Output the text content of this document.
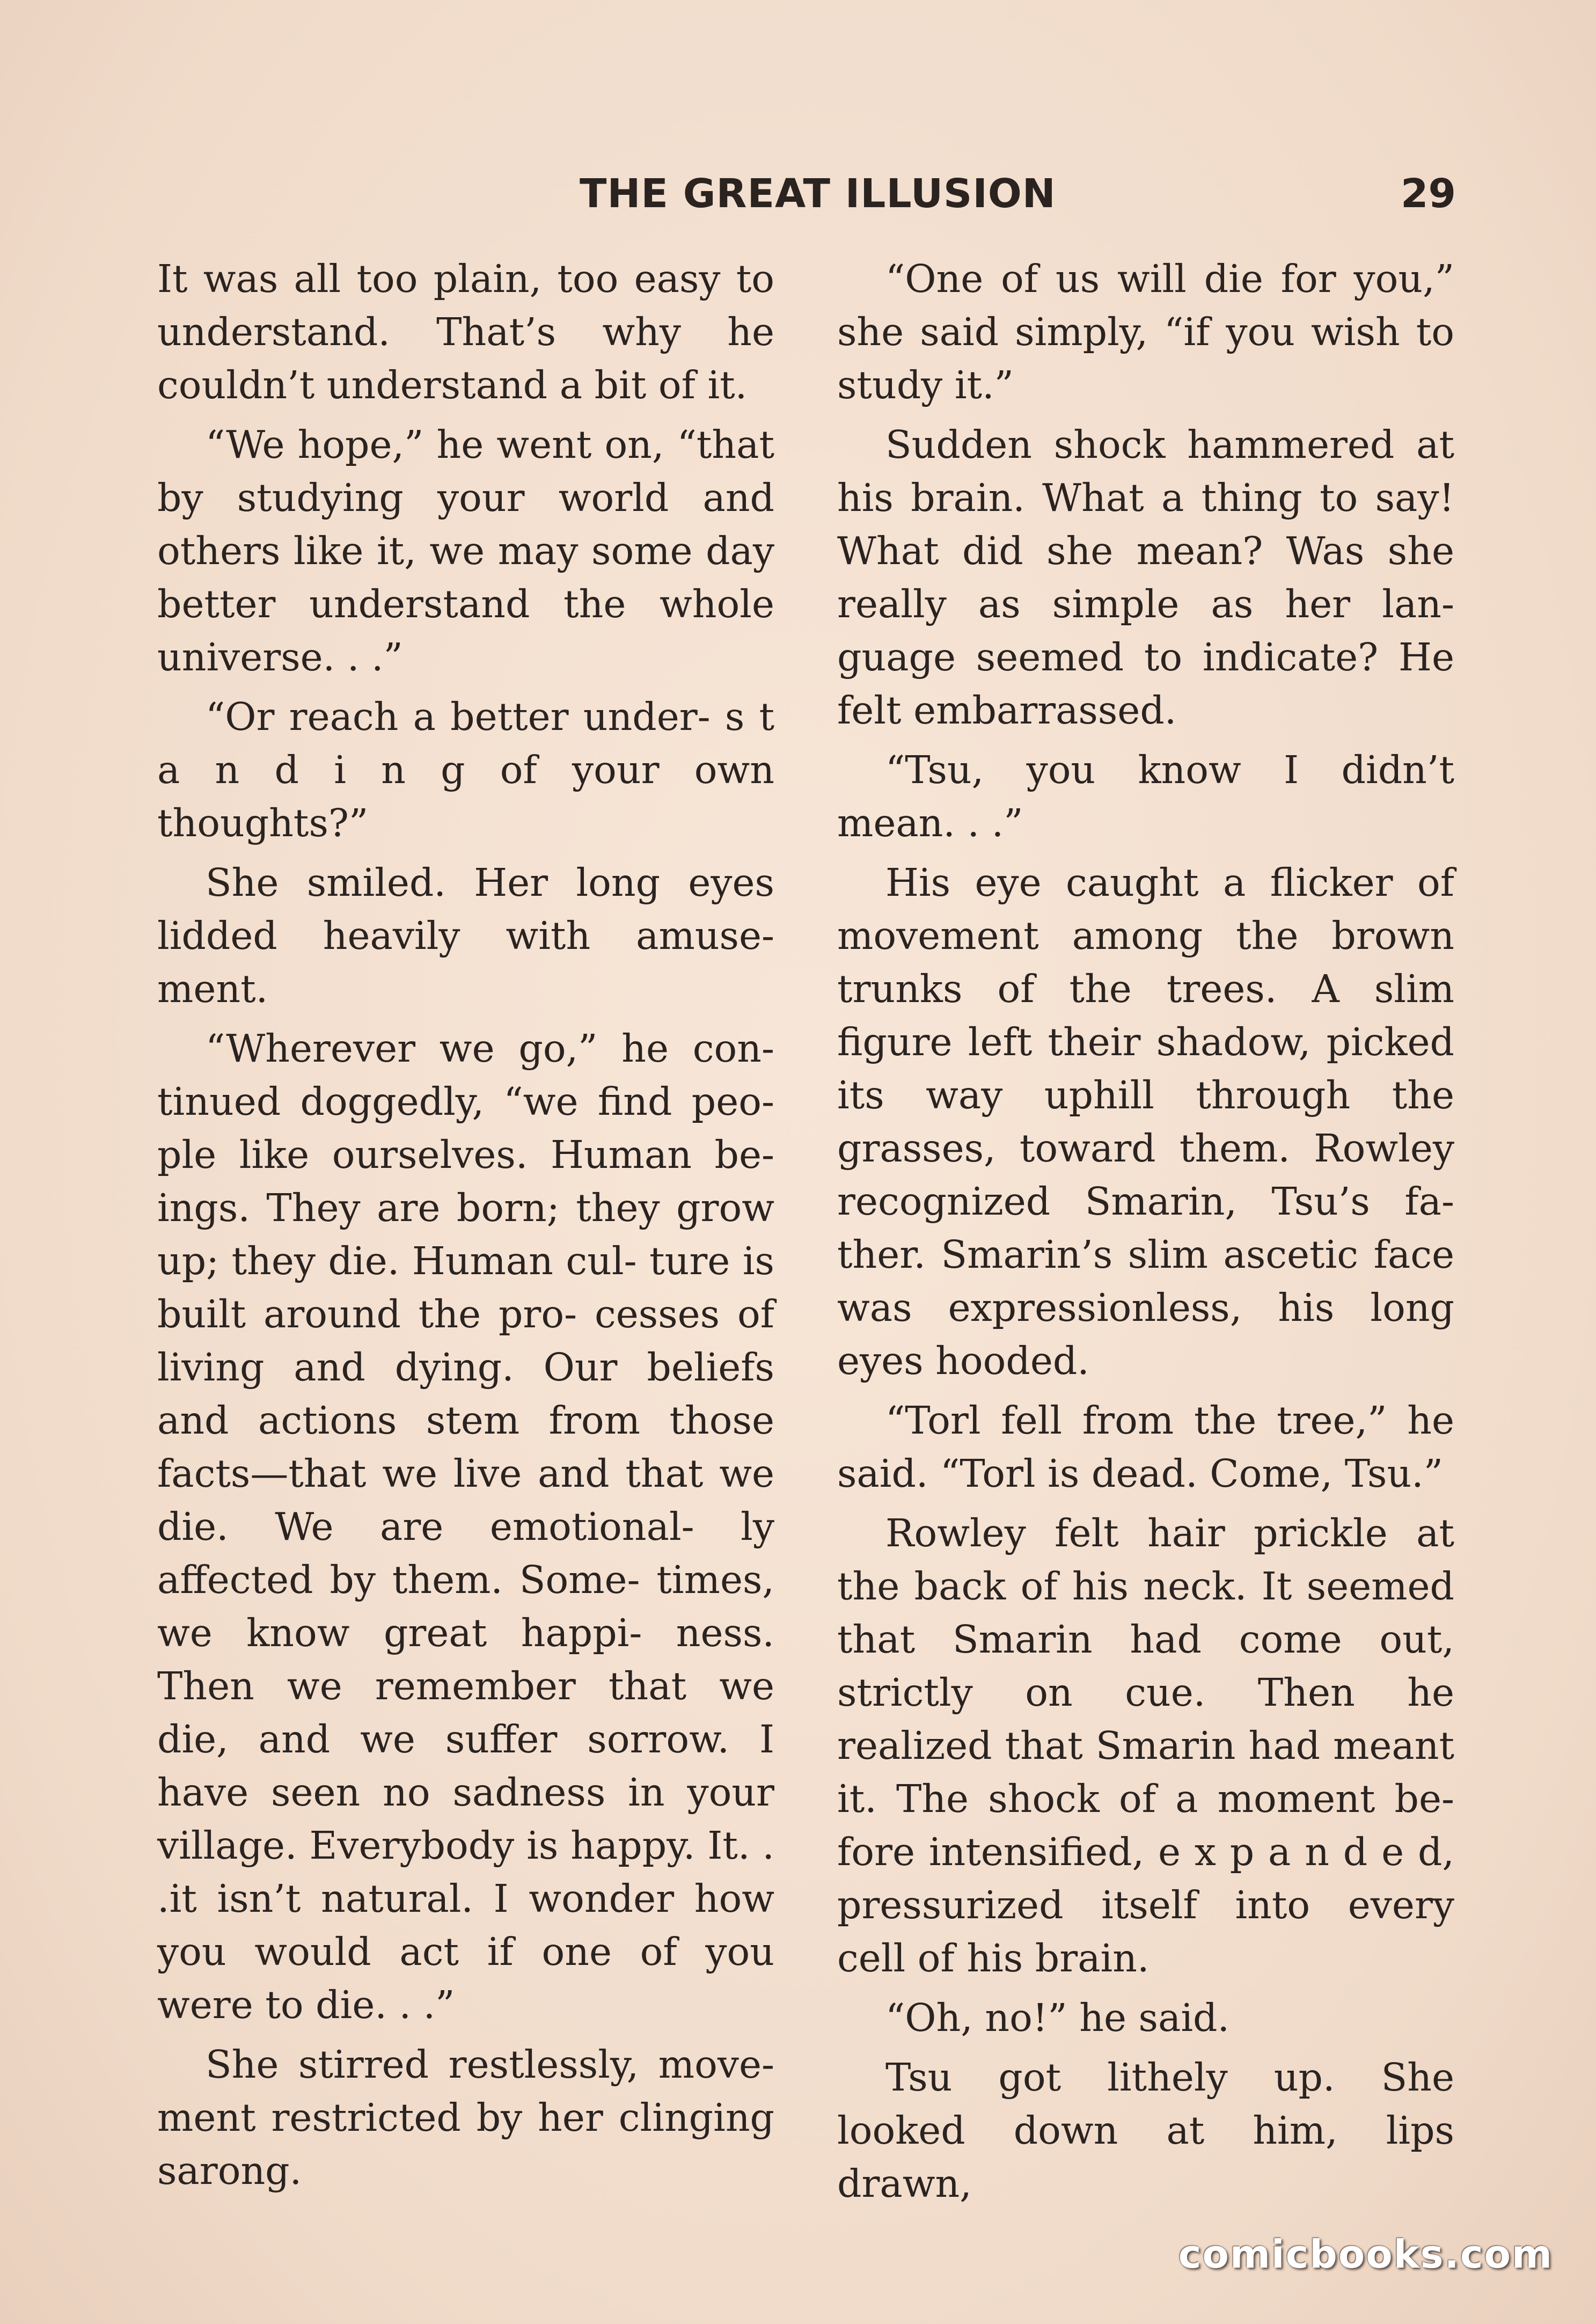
THE GREAT ILLUSION	29

It was all too plain, too easy to understand. That’s why he couldn’t understand a bit of it.

“We hope,” he went on, “that by studying your world and others like it, we may some day better understand the whole universe. . .”

“Or reach a better under- s t a n d i n g of your own thoughts?”

She smiled. Her long eyes lidded heavily with amuse- ment.

“Wherever we go,” he con- tinued doggedly, “we find peo- ple like ourselves. Human be- ings. They are born; they grow up; they die. Human cul- ture is built around the pro- cesses of living and dying. Our beliefs and actions stem from those facts—that we live and that we die. We are emotional- ly affected by them. Some- times, we know great happi- ness. Then we remember that we die, and we suffer sorrow. I have seen no sadness in your village. Everybody is happy. It. . .it isn’t natural. I wonder how you would act if one of you were to die. . .”

She stirred restlessly, move- ment restricted by her clinging sarong.

“One of us will die for you,” she said simply, “if you wish to study it.”

Sudden shock hammered at his brain. What a thing to say! What did she mean? Was she really as simple as her lan- guage seemed to indicate? He felt embarrassed.

“Tsu, you know I didn’t mean. . .”

His eye caught a flicker of movement among the brown trunks of the trees. A slim figure left their shadow, picked its way uphill through the grasses, toward them. Rowley recognized Smarin, Tsu’s fa- ther. Smarin’s slim ascetic face was expressionless, his long eyes hooded.

“Torl fell from the tree,” he said. “Torl is dead. Come, Tsu.”

Rowley felt hair prickle at the back of his neck. It seemed that Smarin had come out, strictly on cue. Then he realized that Smarin had meant it. The shock of a moment be- fore intensified, e x p a n d e d, pressurized itself into every cell of his brain.

“Oh, no!” he said.

Tsu got lithely up. She looked down at him, lips drawn,

comicbooks.com
